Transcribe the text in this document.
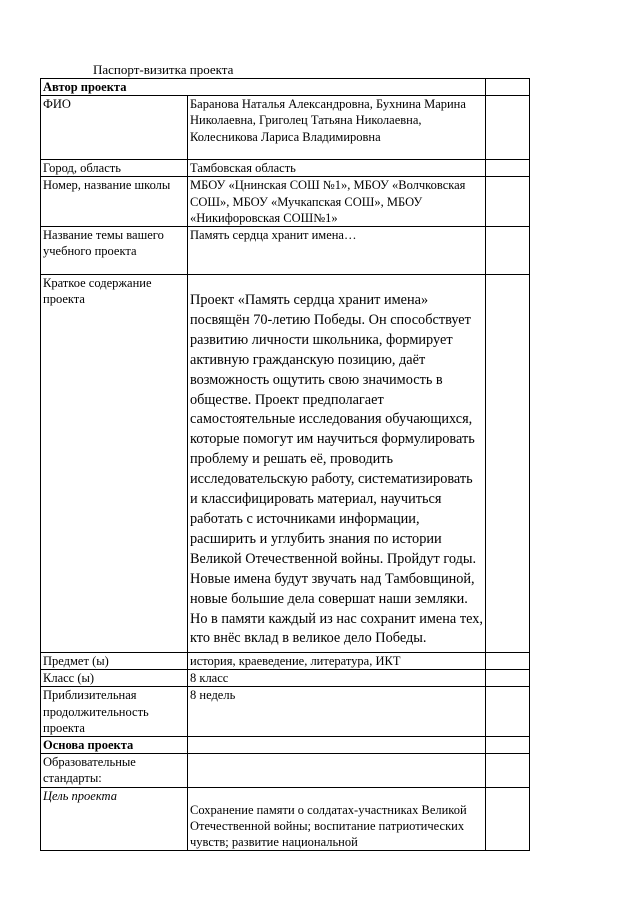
Паспорт-визитка проекта
Автор проекта		
ФИО	Баранова Наталья Александровна, Бухнина Марина Николаевна, Григолец Татьяна Николаевна, Колесникова Лариса Владимировна	
Город, область	Тамбовская область	
Номер, название школы	МБОУ «Цнинская СОШ №1», МБОУ «Волчковская СОШ», МБОУ «Мучкапская СОШ», МБОУ «Никифоровская СОШ№1»	
Название темы вашего учебного проекта	Память сердца хранит имена…	
Краткое содержание проекта	Проект «Память сердца хранит имена» посвящён 70-летию Победы. Он способствует развитию личности школьника, формирует активную гражданскую позицию, даёт возможность ощутить свою значимость в обществе. Проект предполагает самостоятельные исследования обучающихся, которые помогут им научиться формулировать проблему и решать её, проводить исследовательскую работу, систематизировать и классифицировать материал, научиться работать с источниками информации, расширить и углубить знания по истории Великой Отечественной войны. Пройдут годы. Новые имена будут звучать над Тамбовщиной, новые большие дела совершат наши земляки. Но в памяти каждый из нас сохранит имена тех, кто внёс вклад в великое дело Победы.	
Предмет (ы)	история, краеведение, литература, ИКТ	
Класс (ы)	8 класс	
Приблизительная продолжительность проекта	8 недель	
Основа проекта		
Образовательные стандарты:		
Цель проекта	Сохранение памяти о солдатах-участниках Великой Отечественной войны; воспитание патриотических чувств; развитие национальной	
